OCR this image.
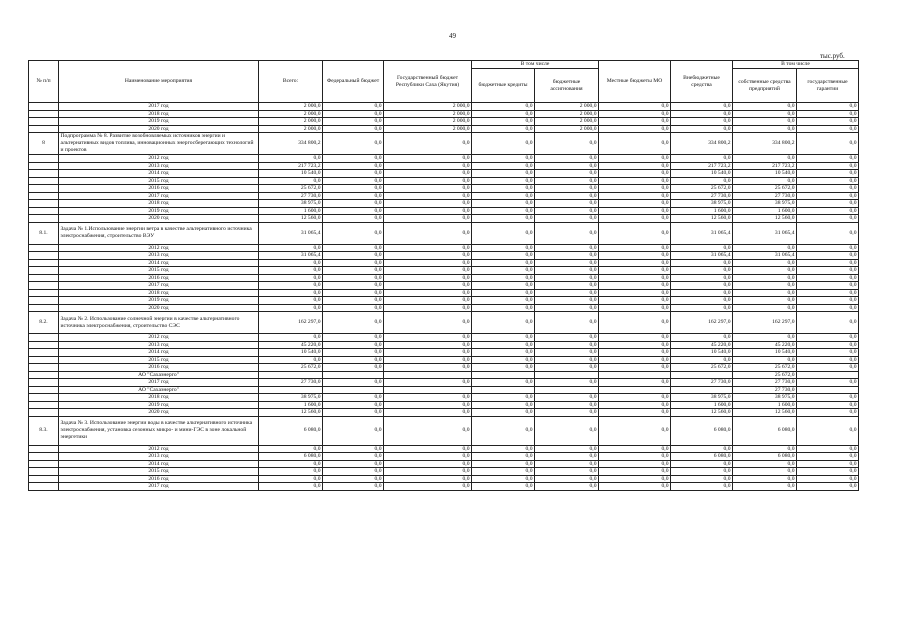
49
тыс.руб.
№ п/п	Наименование мероприятия	Всего:	Федеральный бюджет	Государственный бюджет Республики Саха (Якутия)	В том числе		Местные бюджеты МО	Внебюджетные средства	В том числе	
					бюджетные кредиты	бюджетные ассигнования			собственные средства предприятий	государственные гарантии
	2017 год	2 000,0	0,0	2 000,0	0,0	2 000,0	0,0	0,0	0,0	0,0
	2018 год	2 000,0	0,0	2 000,0	0,0	2 000,0	0,0	0,0	0,0	0,0
	2019 год	2 000,0	0,0	2 000,0	0,0	2 000,0	0,0	0,0	0,0	0,0
	2020 год	2 000,0	0,0	2 000,0	0,0	2 000,0	0,0	0,0	0,0	0,0
8	Подпрограмма № 8. Развитие возобновляемых источников энергии и альтернативных видов топлива, инновационных энергосберегающих технологий и проектов	334 800,2	0,0	0,0	0,0	0,0	0,0	334 800,2	334 800,2	0,0
	2012 год	0,0	0,0	0,0	0,0	0,0	0,0	0,0	0,0	0,0
	2013 год	217 723,2	0,0	0,0	0,0	0,0	0,0	217 723,2	217 723,2	0,0
	2014 год	10 540,0	0,0	0,0	0,0	0,0	0,0	10 540,0	10 540,0	0,0
	2015 год	0,0	0,0	0,0	0,0	0,0	0,0	0,0	0,0	0,0
	2016 год	25 672,0	0,0	0,0	0,0	0,0	0,0	25 672,0	25 672,0	0,0
	2017 год	27 730,0	0,0	0,0	0,0	0,0	0,0	27 730,0	27 730,0	0,0
	2018 год	38 975,0	0,0	0,0	0,0	0,0	0,0	38 975,0	38 975,0	0,0
	2019 год	1 600,0	0,0	0,0	0,0	0,0	0,0	1 600,0	1 600,0	0,0
	2020 год	12 560,0	0,0	0,0	0,0	0,0	0,0	12 560,0	12 560,0	0,0
8.1.	Задача № 1.Использование энергии ветра в качестве альтернативного источника электроснабжения, строительство ВЭУ	31 065,4	0,0	0,0	0,0	0,0	0,0	31 065,4	31 065,4	0,0
	2012 год	0,0	0,0	0,0	0,0	0,0	0,0	0,0	0,0	0,0
	2013 год	31 065,4	0,0	0,0	0,0	0,0	0,0	31 065,4	31 065,4	0,0
	2014 год	0,0	0,0	0,0	0,0	0,0	0,0	0,0	0,0	0,0
	2015 год	0,0	0,0	0,0	0,0	0,0	0,0	0,0	0,0	0,0
	2016 год	0,0	0,0	0,0	0,0	0,0	0,0	0,0	0,0	0,0
	2017 год	0,0	0,0	0,0	0,0	0,0	0,0	0,0	0,0	0,0
	2018 год	0,0	0,0	0,0	0,0	0,0	0,0	0,0	0,0	0,0
	2019 год	0,0	0,0	0,0	0,0	0,0	0,0	0,0	0,0	0,0
	2020 год	0,0	0,0	0,0	0,0	0,0	0,0	0,0	0,0	0,0
8.2.	Задача № 2. Использование солнечной энергии в качестве альтернативного источника электроснабжения, строительство СЭС	162 297,0	0,0	0,0	0,0	0,0	0,0	162 297,0	162 297,0	0,0
	2012 год	0,0	0,0	0,0	0,0	0,0	0,0	0,0	0,0	0,0
	2013 год	45 220,0	0,0	0,0	0,0	0,0	0,0	45 220,0	45 220,0	0,0
	2014 год	10 540,0	0,0	0,0	0,0	0,0	0,0	10 540,0	10 540,0	0,0
	2015 год	0,0	0,0	0,0	0,0	0,0	0,0	0,0	0,0	0,0
	2016 год	25 672,0	0,0	0,0	0,0	0,0	0,0	25 672,0	25 672,0	0,0
	АО "Сахаэнерго"								25 672,0	
	2017 год	27 730,0	0,0	0,0	0,0	0,0	0,0	27 730,0	27 730,0	0,0
	АО "Сахаэнерго"								27 730,0	
	2018 год	38 975,0	0,0	0,0	0,0	0,0	0,0	38 975,0	38 975,0	0,0
	2019 год	1 600,0	0,0	0,0	0,0	0,0	0,0	1 600,0	1 600,0	0,0
	2020 год	12 560,0	0,0	0,0	0,0	0,0	0,0	12 560,0	12 560,0	0,0
8.3.	Задача № 3. Использование энергии воды в качестве альтернативного источника электроснабжения, установка сезонных микро- и мини-ГЭС в зоне локальной энергетики	6 080,0	0,0	0,0	0,0	0,0	0,0	6 080,0	6 080,0	0,0
	2012 год	0,0	0,0	0,0	0,0	0,0	0,0	0,0	0,0	0,0
	2013 год	6 080,0	0,0	0,0	0,0	0,0	0,0	6 080,0	6 080,0	0,0
	2014 год	0,0	0,0	0,0	0,0	0,0	0,0	0,0	0,0	0,0
	2015 год	0,0	0,0	0,0	0,0	0,0	0,0	0,0	0,0	0,0
	2016 год	0,0	0,0	0,0	0,0	0,0	0,0	0,0	0,0	0,0
	2017 год	0,0	0,0	0,0	0,0	0,0	0,0	0,0	0,0	0,0
